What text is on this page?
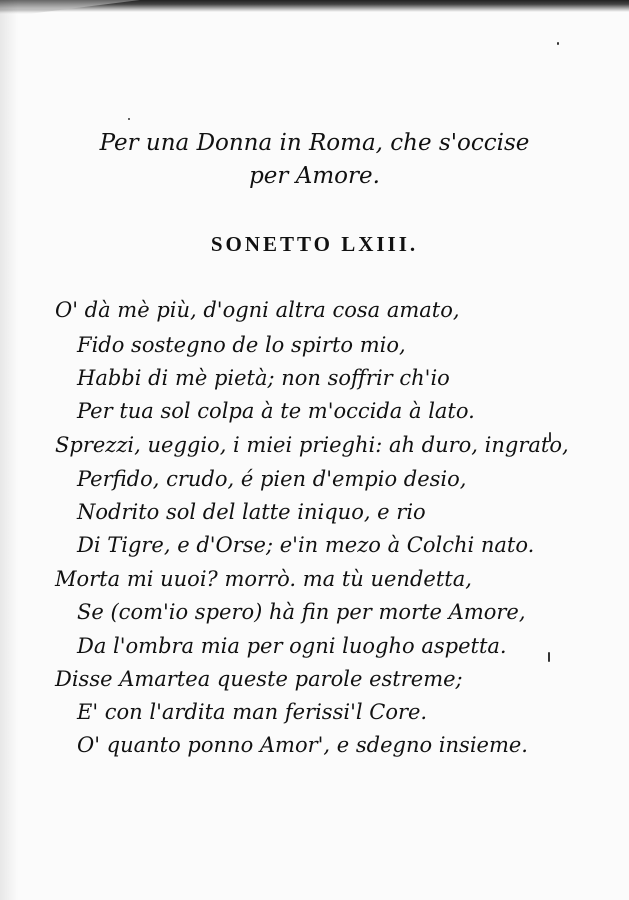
Per una Donna in Roma, che s'occise

per Amore.

SONETTO LXIII.

O' dà mè più, d'ogni altra cosa amato,

Fido sostegno de lo spirto mio,

Habbi di mè pietà; non soffrir ch'io

Per tua sol colpa à te m'occida à lato.

Sprezzi, ueggio, i miei prieghi: ah duro, ingrato,

Perfido, crudo, é pien d'empio desio,

Nodrito sol del latte iniquo, e rio

Di Tigre, e d'Orse; e'in mezo à Colchi nato.

Morta mi uuoi? morrò. ma tù uendetta,

Se (com'io spero) hà fin per morte Amore,

Da l'ombra mia per ogni luogho aspetta.

Disse Amartea queste parole estreme;

E' con l'ardita man ferissi'l Core.

O' quanto ponno Amor', e sdegno insieme.
